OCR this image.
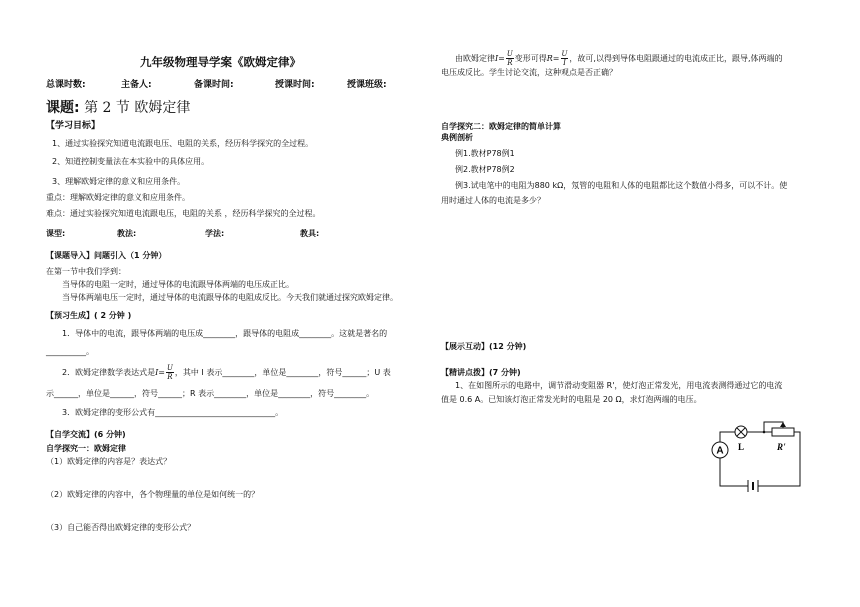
九年级物理导学案《欧姆定律》
总课时数:	主备人:	备课时间:	授课时间:	授课班级:
课题: 第 2 节 欧姆定律
【学习目标】
1、通过实验探究知道电流跟电压、电阻的关系，经历科学探究的全过程。
2、知道控制变量法在本实验中的具体应用。
3、理解欧姆定律的意义和应用条件。
重点：理解欧姆定律的意义和应用条件。
难点：通过实验探究知道电流跟电压，电阻的关系 ，经历科学探究的全过程。
课型:	教法:	学法:	教具:
【课题导入】问题引入（1 分钟）
在第一节中我们学到：
当导体的电阻一定时，通过导体的电流跟导体两端的电压成正比。
当导体两端电压一定时，通过导体的电流跟导体的电阻成反比。今天我们就通过探究欧姆定律。
【预习生成】( 2 分钟 )
1．导体中的电流，跟导体两端的电压成________，跟导体的电阻成________。这就是著名的
__________。
2．欧姆定律数学表达式是$I= \frac{U}{R}$ ，其中 I 表示________，单位是________，符号______；U 表
示______，单位是______，符号______；R 表示________，单位是________，符号________。
3．欧姆定律的变形公式有______________________________。
【自学交流】(6 分钟)
自学探究一：欧姆定律
（1）欧姆定律的内容是？表达式？
（2）欧姆定律的内容中，各个物理量的单位是如何统一的？
（3）自己能否得出欧姆定律的变形公式？
由欧姆定律$I= \frac{U}{R}$ 变形可得$R= \frac{U}{I}$ ，故可,以得到导体电阻跟通过的电流成正比，跟导,体两端的
电压成反比。学生讨论交流，这种观点是否正确？
自学探究二：欧姆定律的简单计算
典例剖析
例1.教材P78例1
例2.教材P78例2
例3.试电笔中的电阻为880 kΩ，氖管的电阻和人体的电阻都比这个数值小得多，可以不计。使
用时通过人体的电流是多少？
【展示互动】(12 分钟)
【精讲点拨】(7 分钟)
1、在如图所示的电路中，调节滑动变阻器 R'，使灯泡正常发光，用电流表测得通过它的电流
值是 0.6 A。已知该灯泡正常发光时的电阻是 20 Ω，求灯泡两端的电压。
A L	R'
